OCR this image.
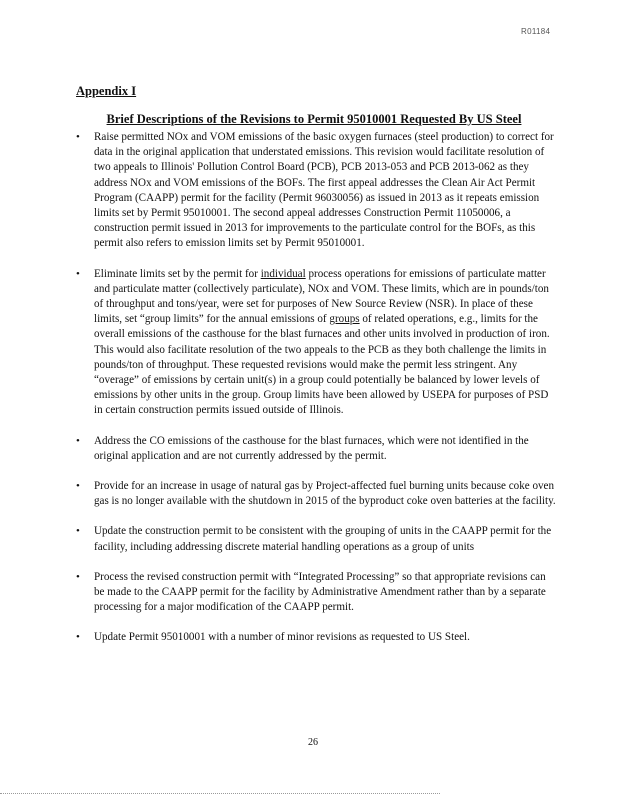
R01184
Appendix I
Brief Descriptions of the Revisions to Permit 95010001 Requested By US Steel
• Raise permitted NOx and VOM emissions of the basic oxygen furnaces (steel production) to correct for data in the original application that understated emissions. This revision would facilitate resolution of two appeals to Illinois' Pollution Control Board (PCB), PCB 2013-053 and PCB 2013-062 as they address NOx and VOM emissions of the BOFs. The first appeal addresses the Clean Air Act Permit Program (CAAPP) permit for the facility (Permit 96030056) as issued in 2013 as it repeats emission limits set by Permit 95010001. The second appeal addresses Construction Permit 11050006, a construction permit issued in 2013 for improvements to the particulate control for the BOFs, as this permit also refers to emission limits set by Permit 95010001.

• Eliminate limits set by the permit for individual process operations for emissions of particulate matter and particulate matter (collectively particulate), NOx and VOM. These limits, which are in pounds/ton of throughput and tons/year, were set for purposes of New Source Review (NSR). In place of these limits, set “group limits” for the annual emissions of groups of related operations, e.g., limits for the overall emissions of the casthouse for the blast furnaces and other units involved in production of iron. This would also facilitate resolution of the two appeals to the PCB as they both challenge the limits in pounds/ton of throughput. These requested revisions would make the permit less stringent. Any “overage” of emissions by certain unit(s) in a group could potentially be balanced by lower levels of emissions by other units in the group. Group limits have been allowed by USEPA for purposes of PSD in certain construction permits issued outside of Illinois.

• Address the CO emissions of the casthouse for the blast furnaces, which were not identified in the original application and are not currently addressed by the permit.

• Provide for an increase in usage of natural gas by Project-affected fuel burning units because coke oven gas is no longer available with the shutdown in 2015 of the byproduct coke oven batteries at the facility.

• Update the construction permit to be consistent with the grouping of units in the CAAPP permit for the facility, including addressing discrete material handling operations as a group of units

• Process the revised construction permit with “Integrated Processing” so that appropriate revisions can be made to the CAAPP permit for the facility by Administrative Amendment rather than by a separate processing for a major modification of the CAAPP permit.

• Update Permit 95010001 with a number of minor revisions as requested to US Steel.

26
